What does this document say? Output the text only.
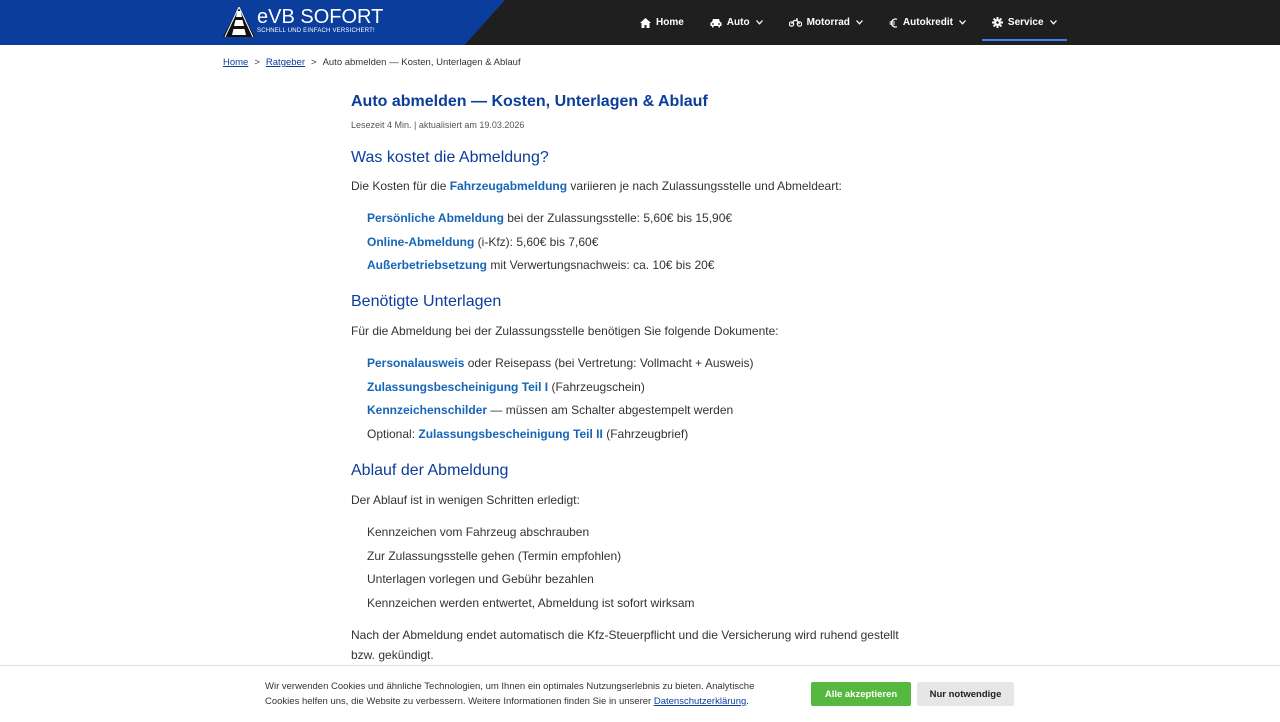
eVB SOFORT
SCHNELL UND EINFACH VERSICHERT!
Home	Auto	Motorrad	Autokredit	Service
Home > Ratgeber > Auto abmelden — Kosten, Unterlagen & Ablauf
Auto abmelden — Kosten, Unterlagen & Ablauf
Lesezeit 4 Min. | aktualisiert am 19.03.2026
Was kostet die Abmeldung?

Die Kosten für die Fahrzeugabmeldung variieren je nach Zulassungsstelle und Abmeldeart:

Persönliche Abmeldung bei der Zulassungsstelle: 5,60€ bis 15,90€
Online-Abmeldung (i-Kfz): 5,60€ bis 7,60€
Außerbetriebsetzung mit Verwertungsnachweis: ca. 10€ bis 20€
Benötigte Unterlagen

Für die Abmeldung bei der Zulassungsstelle benötigen Sie folgende Dokumente:

Personalausweis oder Reisepass (bei Vertretung: Vollmacht + Ausweis)
Zulassungsbescheinigung Teil I (Fahrzeugschein)
Kennzeichenschilder — müssen am Schalter abgestempelt werden
Optional: Zulassungsbescheinigung Teil II (Fahrzeugbrief)
Ablauf der Abmeldung

Der Ablauf ist in wenigen Schritten erledigt:

Kennzeichen vom Fahrzeug abschrauben
Zur Zulassungsstelle gehen (Termin empfohlen)
Unterlagen vorlegen und Gebühr bezahlen
Kennzeichen werden entwertet, Abmeldung ist sofort wirksam

Nach der Abmeldung endet automatisch die Kfz-Steuerpflicht und die Versicherung wird ruhend gestellt bzw. gekündigt.

Wir verwenden Cookies und ähnliche Technologien, um Ihnen ein optimales Nutzungserlebnis zu bieten. Analytische Cookies helfen uns, die Website zu verbessern. Weitere Informationen finden Sie in unserer Datenschutzerklärung.
Alle akzeptieren	Nur notwendige
